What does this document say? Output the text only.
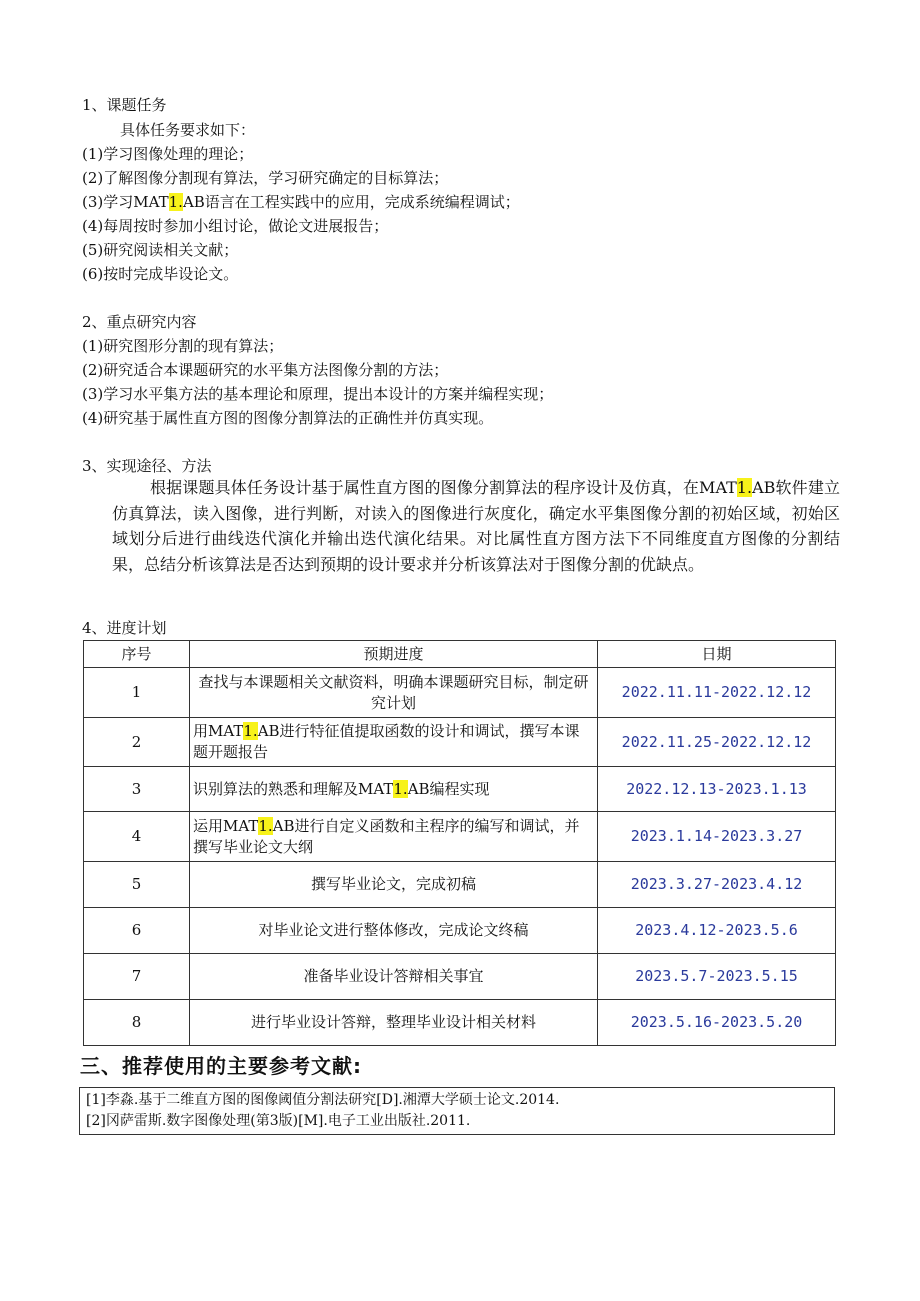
1、课题任务
具体任务要求如下：
(1)学习图像处理的理论；
(2)了解图像分割现有算法，学习研究确定的目标算法；
(3)学习MAT1.AB语言在工程实践中的应用，完成系统编程调试；
(4)每周按时参加小组讨论，做论文进展报告；
(5)研究阅读相关文献；
(6)按时完成毕设论文。
2、重点研究内容
(1)研究图形分割的现有算法；
(2)研究适合本课题研究的水平集方法图像分割的方法；
(3)学习水平集方法的基本理论和原理，提出本设计的方案并编程实现；
(4)研究基于属性直方图的图像分割算法的正确性并仿真实现。
3、实现途径、方法

根据课题具体任务设计基于属性直方图的图像分割算法的程序设计及仿真，在MAT1.AB软件建立仿真算法，读入图像，进行判断，对读入的图像进行灰度化，确定水平集图像分割的初始区域，初始区域划分后进行曲线迭代演化并输出迭代演化结果。对比属性直方图方法下不同维度直方图像的分割结果，总结分析该算法是否达到预期的设计要求并分析该算法对于图像分割的优缺点。

4、进度计划
序号	预期进度	日期
1	查找与本课题相关文献资料，明确本课题研究目标，制定研究计划	2022.11.11-2022.12.12
2	用MAT1.AB进行特征值提取函数的设计和调试，撰写本课题开题报告	2022.11.25-2022.12.12
3	识别算法的熟悉和理解及MAT1.AB编程实现	2022.12.13-2023.1.13
4	运用MAT1.AB进行自定义函数和主程序的编写和调试，并撰写毕业论文大纲	2023.1.14-2023.3.27
5	撰写毕业论文，完成初稿	2023.3.27-2023.4.12
6	对毕业论文进行整体修改，完成论文终稿	2023.4.12-2023.5.6
7	准备毕业设计答辩相关事宜	2023.5.7-2023.5.15
8	进行毕业设计答辩，整理毕业设计相关材料	2023.5.16-2023.5.20
三、推荐使用的主要参考文献:
[1]李淼.基于二维直方图的图像阈值分割法研究[D].湘潭大学硕士论文.2014.
[2]冈萨雷斯.数字图像处理(第3版)[M].电子工业出版社.2011.
